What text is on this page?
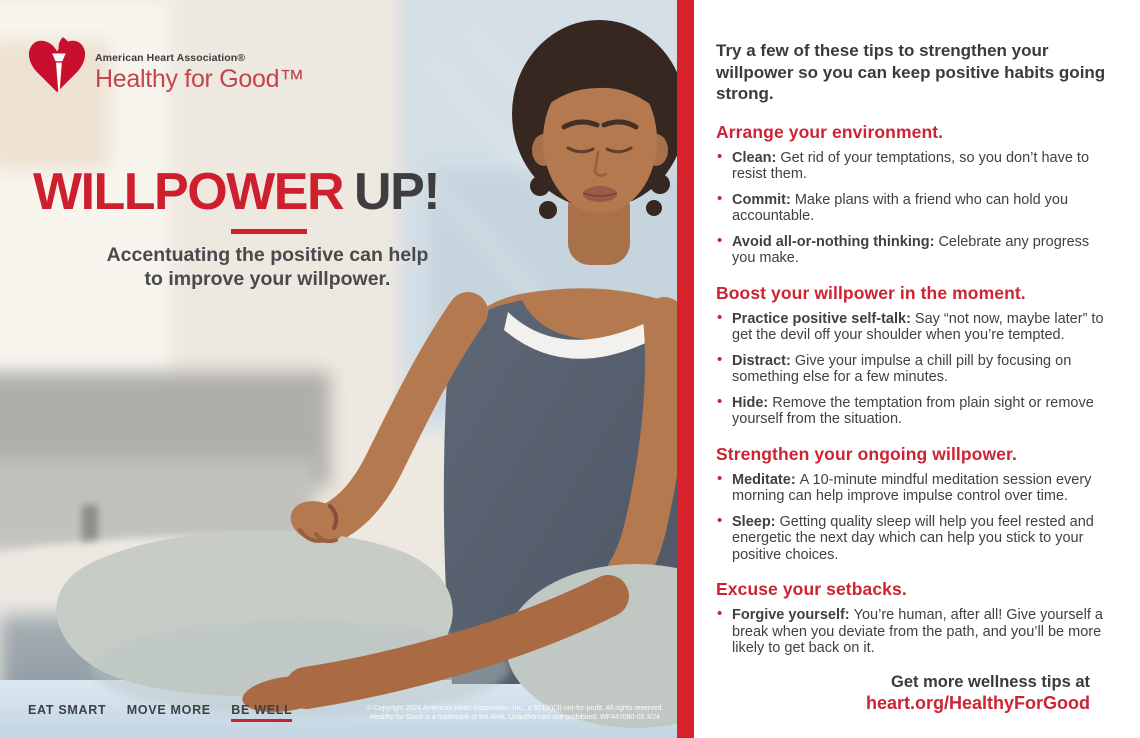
American Heart Association®
Healthy for Good™
WILLPOWER UP!
Accentuating the positive can help
to improve your willpower.
EAT SMART MOVE MORE BE WELL	© Copyright 2024 American Heart Association, Inc., a 501(c)(3) not-for-profit. All rights reserved.
Healthy for Good is a trademark of the AHA. Unauthorized use prohibited. WF447050-05 3/24

Try a few of these tips to strengthen your willpower so you can keep positive habits going strong.

Arrange your environment.
• Clean: Get rid of your temptations, so you don’t have to resist them.
• Commit: Make plans with a friend who can hold you accountable.
• Avoid all-or-nothing thinking: Celebrate any progress you make.
Boost your willpower in the moment.
• Practice positive self-talk: Say “not now, maybe later” to get the devil off your shoulder when you’re tempted.
• Distract: Give your impulse a chill pill by focusing on something else for a few minutes.
• Hide: Remove the temptation from plain sight or remove yourself from the situation.
Strengthen your ongoing willpower.
• Meditate: A 10-minute mindful meditation session every morning can help improve impulse control over time.
• Sleep: Getting quality sleep will help you feel rested and energetic the next day which can help you stick to your positive choices.
Excuse your setbacks.
• Forgive yourself: You’re human, after all! Give yourself a break when you deviate from the path, and you’ll be more likely to get back on it.
Get more wellness tips at
heart.org/HealthyForGood
